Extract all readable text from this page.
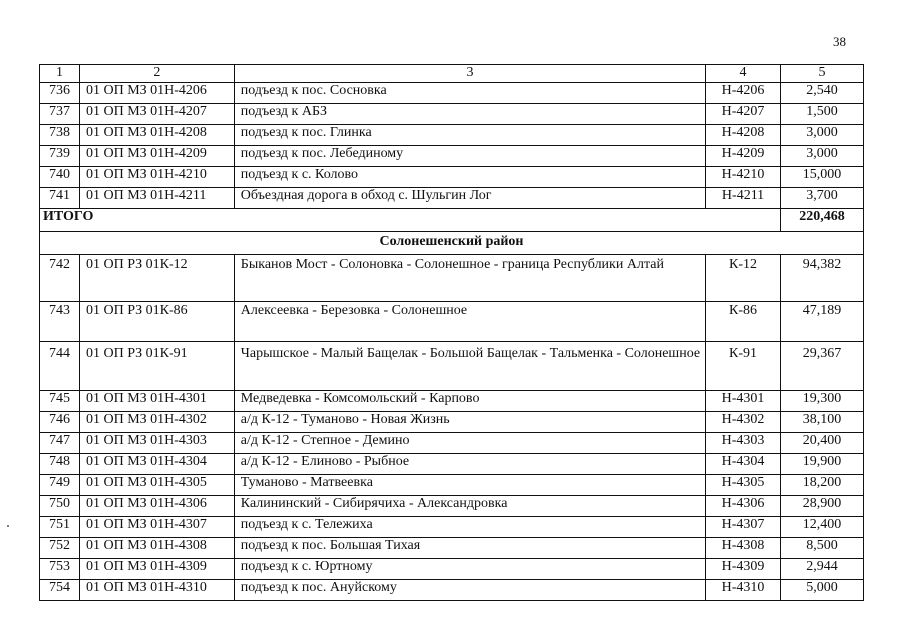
38
1	2	3	4	5
736	01 ОП МЗ 01Н-4206	подъезд к пос. Сосновка	Н-4206	2,540
737	01 ОП МЗ 01Н-4207	подъезд к АБЗ	Н-4207	1,500
738	01 ОП МЗ 01Н-4208	подъезд к пос. Глинка	Н-4208	3,000
739	01 ОП МЗ 01Н-4209	подъезд к пос. Лебединому	Н-4209	3,000
740	01 ОП МЗ 01Н-4210	подъезд к с. Колово	Н-4210	15,000
741	01 ОП МЗ 01Н-4211	Объездная дорога в обход с. Шульгин Лог	Н-4211	3,700
ИТОГО				220,468
Солонешенский район				
742	01 ОП РЗ 01К-12	Быканов Мост - Солоновка - Солонешное - граница Республики Алтай	К-12	94,382
743	01 ОП РЗ 01К-86	Алексеевка - Березовка - Солонешное	К-86	47,189
744	01 ОП РЗ 01К-91	Чарышское - Малый Бащелак - Большой Бащелак - Тальменка - Солонешное	К-91	29,367
745	01 ОП МЗ 01Н-4301	Медведевка - Комсомольский - Карпово	Н-4301	19,300
746	01 ОП МЗ 01Н-4302	а/д К-12 - Туманово - Новая Жизнь	Н-4302	38,100
747	01 ОП МЗ 01Н-4303	а/д К-12 - Степное - Демино	Н-4303	20,400
748	01 ОП МЗ 01Н-4304	а/д К-12 - Елиново - Рыбное	Н-4304	19,900
749	01 ОП МЗ 01Н-4305	Туманово - Матвеевка	Н-4305	18,200
750	01 ОП МЗ 01Н-4306	Калининский - Сибирячиха - Александровка	Н-4306	28,900
751	01 ОП МЗ 01Н-4307	подъезд к с. Тележиха	Н-4307	12,400
752	01 ОП МЗ 01Н-4308	подъезд к пос. Большая Тихая	Н-4308	8,500
753	01 ОП МЗ 01Н-4309	подъезд к с. Юртному	Н-4309	2,944
754	01 ОП МЗ 01Н-4310	подъезд к пос. Ануйскому	Н-4310	5,000
